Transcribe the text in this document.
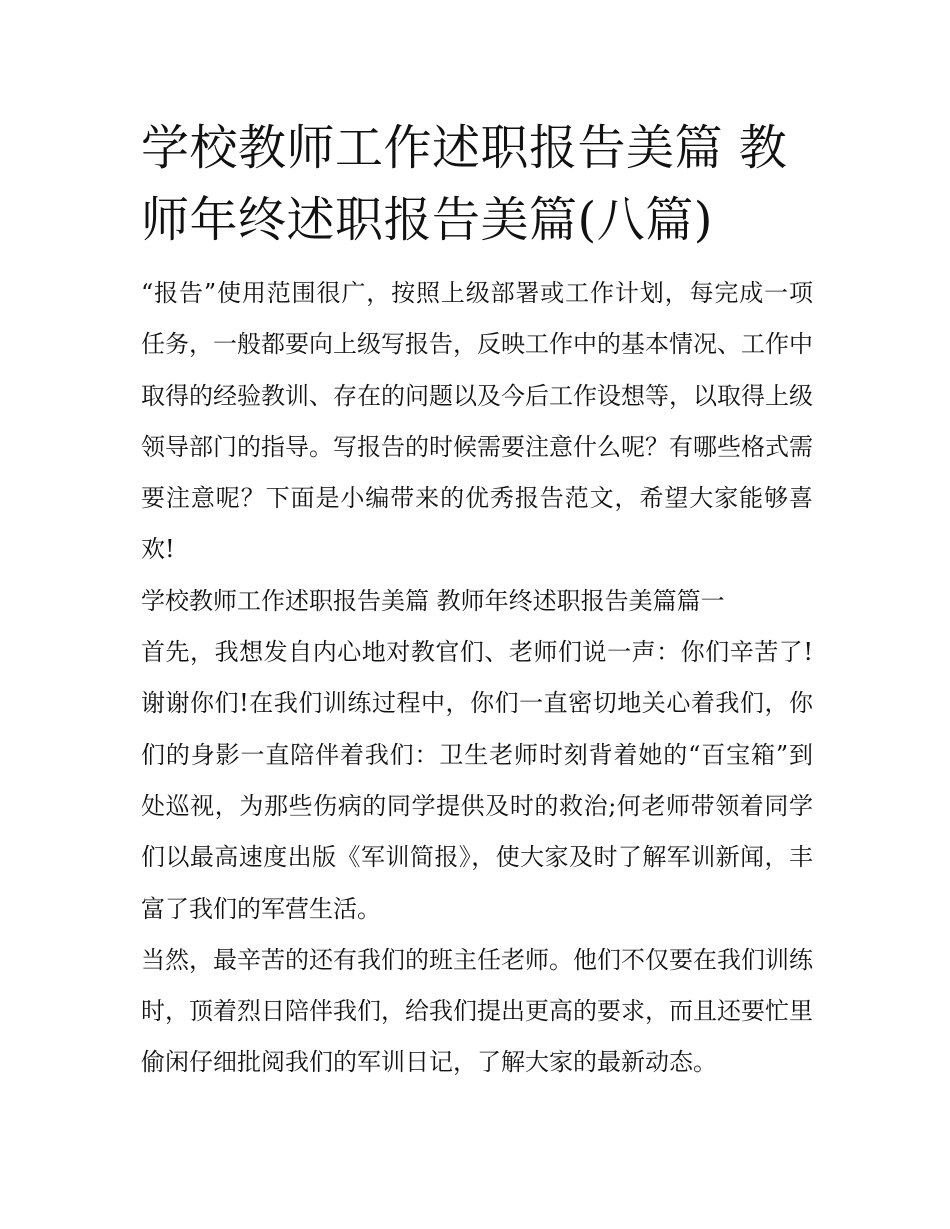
学校教师工作述职报告美篇 教师年终述职报告美篇(八篇)

“报告”使用范围很广，按照上级部署或工作计划，每完成一项任务，一般都要向上级写报告，反映工作中的基本情况、工作中取得的经验教训、存在的问题以及今后工作设想等，以取得上级领导部门的指导。写报告的时候需要注意什么呢？有哪些格式需要注意呢？下面是小编带来的优秀报告范文，希望大家能够喜欢!

学校教师工作述职报告美篇 教师年终述职报告美篇篇一

首先，我想发自内心地对教官们、老师们说一声：你们辛苦了!谢谢你们!在我们训练过程中，你们一直密切地关心着我们，你们的身影一直陪伴着我们：卫生老师时刻背着她的“百宝箱”到处巡视，为那些伤病的同学提供及时的救治;何老师带领着同学们以最高速度出版《军训简报》，使大家及时了解军训新闻，丰富了我们的军营生活。

当然，最辛苦的还有我们的班主任老师。他们不仅要在我们训练时，顶着烈日陪伴我们，给我们提出更高的要求，而且还要忙里偷闲仔细批阅我们的军训日记，了解大家的最新动态。
